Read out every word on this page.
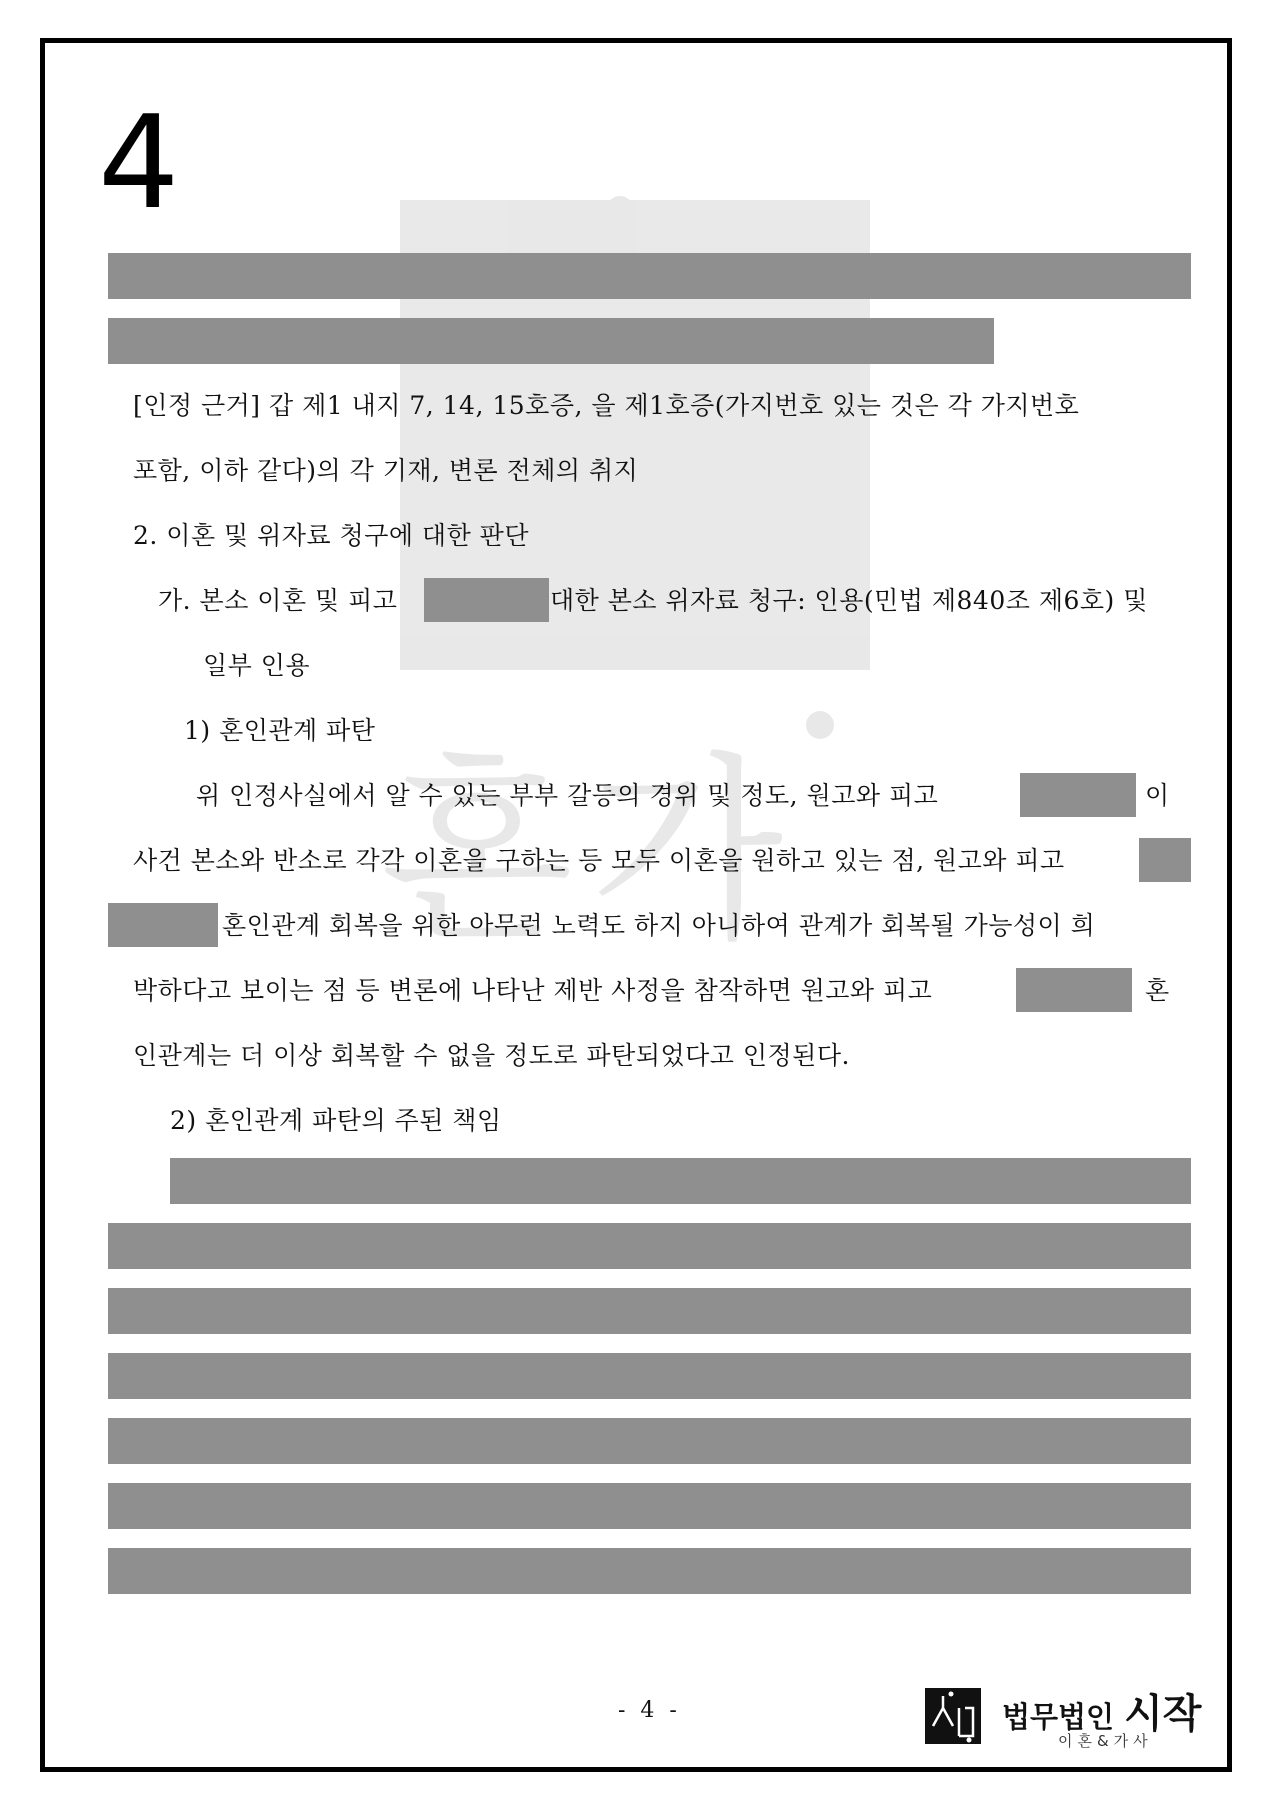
4
혼 가
[인정 근거] 갑 제1 내지 7, 14, 15호증, 을 제1호증(가지번호 있는 것은 각 가지번호
포함, 이하 같다)의 각 기재, 변론 전체의 취지
2. 이혼 및 위자료 청구에 대한 판단
가. 본소 이혼 및 피고	대한 본소 위자료 청구: 인용(민법 제840조 제6호) 및
일부 인용
1) 혼인관계 파탄
위 인정사실에서 알 수 있는 부부 갈등의 경위 및 정도, 원고와 피고	이
사건 본소와 반소로 각각 이혼을 구하는 등 모두 이혼을 원하고 있는 점, 원고와 피고
혼인관계 회복을 위한 아무런 노력도 하지 아니하여 관계가 회복될 가능성이 희
박하다고 보이는 점 등 변론에 나타난 제반 사정을 참작하면 원고와 피고	혼
인관계는 더 이상 회복할 수 없을 정도로 파탄되었다고 인정된다.
2) 혼인관계 파탄의 주된 책임
- 4 -	법무법인 시작
이혼&가사
